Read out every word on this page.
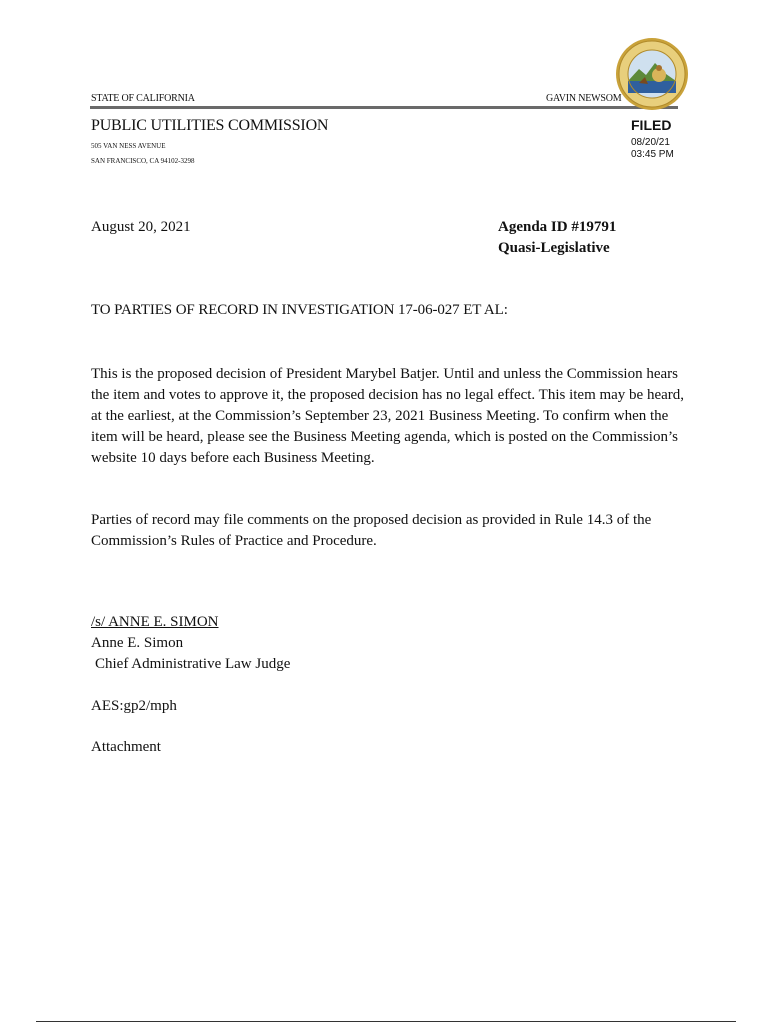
STATE OF CALIFORNIA	GAVIN NEWSOM
PUBLIC UTILITIES COMMISSION
505 VAN NESS AVENUE
SAN FRANCISCO, CA 94102-3298
FILED
08/20/21
03:45 PM
August 20, 2021	Agenda ID #19791
Quasi-Legislative
TO PARTIES OF RECORD IN INVESTIGATION 17-06-027 ET AL:
This is the proposed decision of President Marybel Batjer. Until and unless the Commission hears the item and votes to approve it, the proposed decision has no legal effect. This item may be heard, at the earliest, at the Commission’s September 23, 2021 Business Meeting. To confirm when the item will be heard, please see the Business Meeting agenda, which is posted on the Commission’s website 10 days before each Business Meeting.
Parties of record may file comments on the proposed decision as provided in Rule 14.3 of the Commission’s Rules of Practice and Procedure.
/s/ ANNE E. SIMON
Anne E. Simon
Chief Administrative Law Judge
AES:gp2/mph
Attachment
